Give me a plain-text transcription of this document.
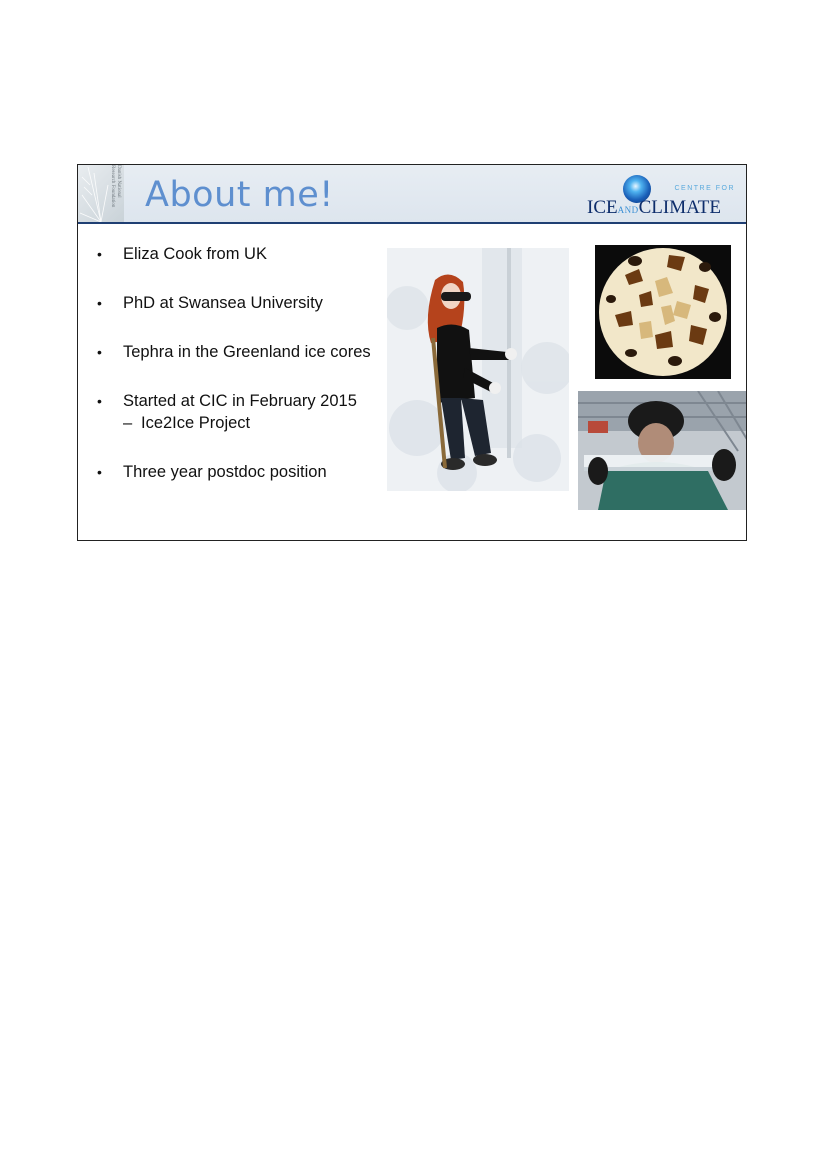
Danish National
Research Foundation About me!	CENTRE FOR
ICEANDCLIMATE
• Eliza Cook from UK
• PhD at Swansea University
• Tephra in the Greenland ice cores
• Started at CIC in February 2015
– Ice2Ice Project
• Three year postdoc position
